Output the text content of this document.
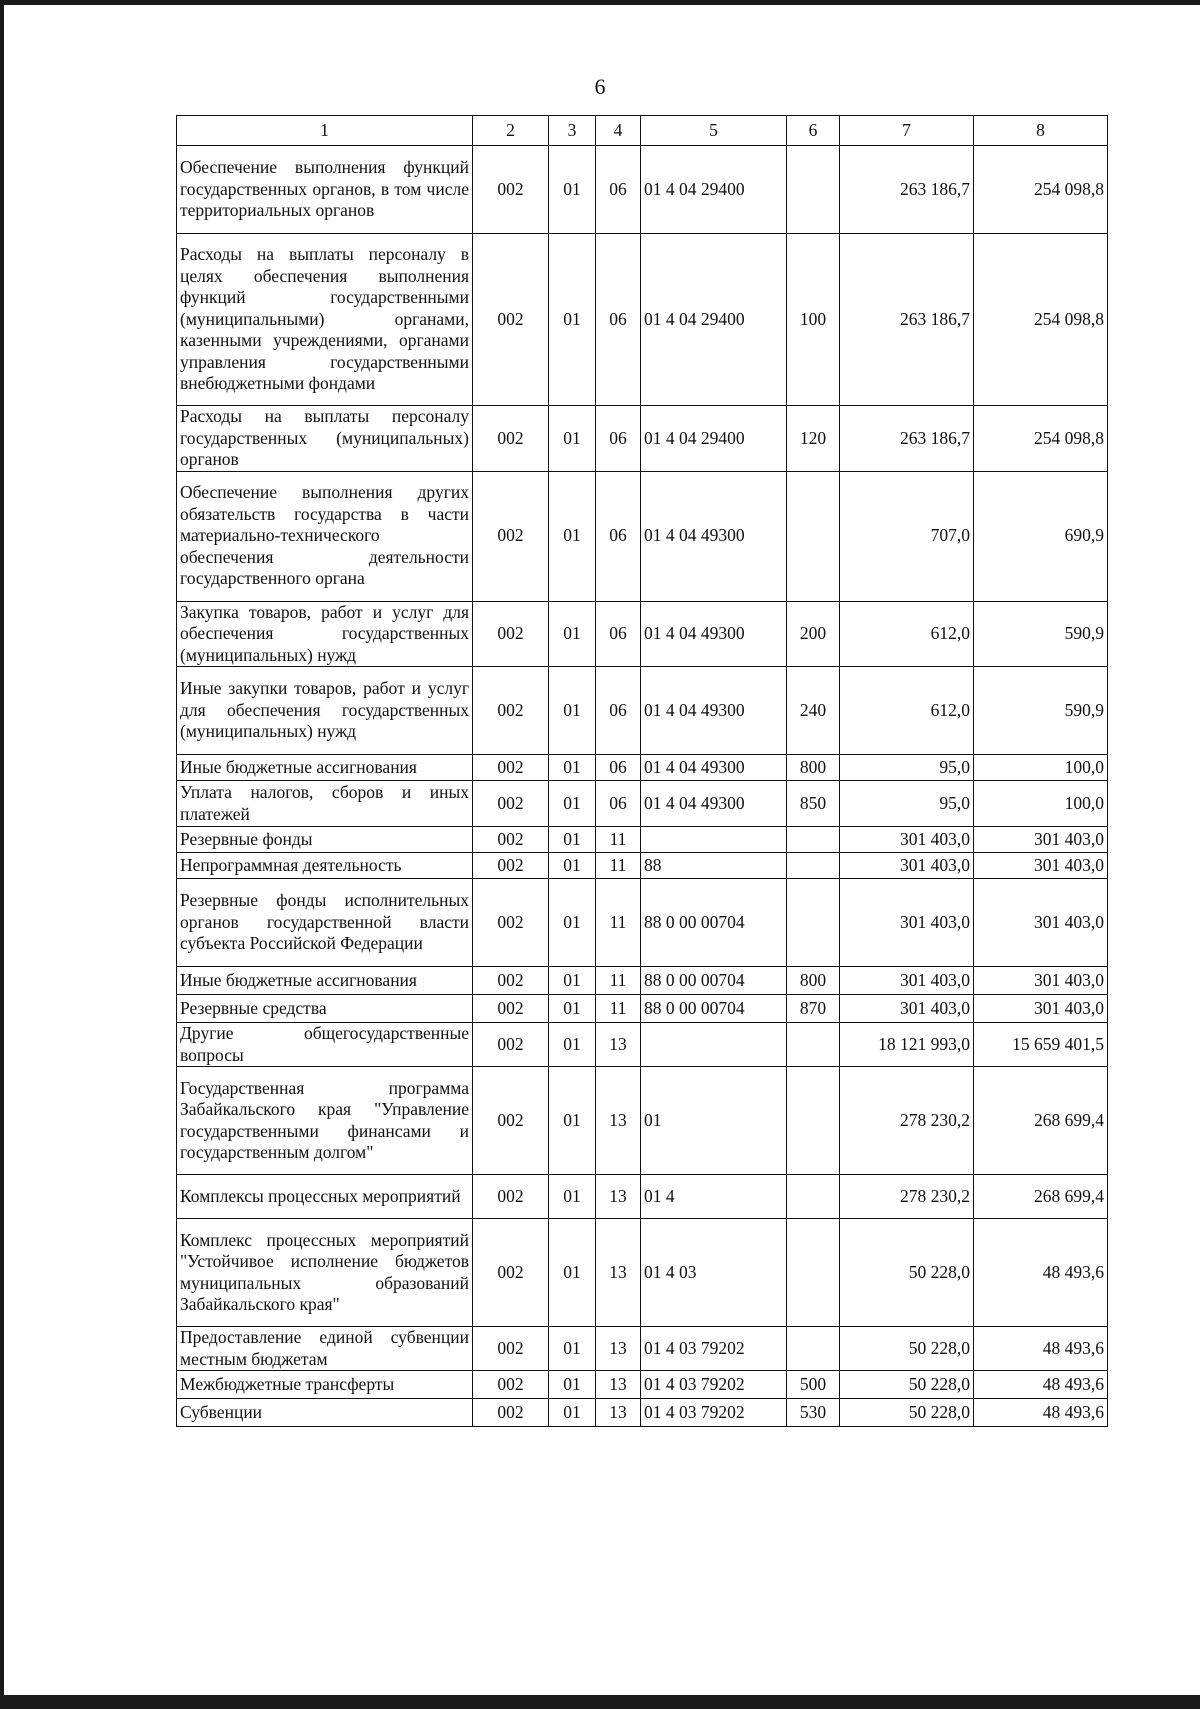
6
1	2	3	4	5	6	7	8
Обеспечение выполнения функций государственных органов, в том числе территориальных органов	002	01	06	01 4 04 29400		263 186,7	254 098,8
Расходы на выплаты персоналу в целях обеспечения выполнения функций государственными (муниципальными) органами, казенными учреждениями, органами управления государственными внебюджетными фондами	002	01	06	01 4 04 29400	100	263 186,7	254 098,8
Расходы на выплаты персоналу государственных (муниципальных) органов	002	01	06	01 4 04 29400	120	263 186,7	254 098,8
Обеспечение выполнения других обязательств государства в части материально-технического обеспечения деятельности государственного органа	002	01	06	01 4 04 49300		707,0	690,9
Закупка товаров, работ и услуг для обеспечения государственных (муниципальных) нужд	002	01	06	01 4 04 49300	200	612,0	590,9
Иные закупки товаров, работ и услуг для обеспечения государственных (муниципальных) нужд	002	01	06	01 4 04 49300	240	612,0	590,9
Иные бюджетные ассигнования	002	01	06	01 4 04 49300	800	95,0	100,0
Уплата налогов, сборов и иных платежей	002	01	06	01 4 04 49300	850	95,0	100,0
Резервные фонды	002	01	11			301 403,0	301 403,0
Непрограммная деятельность	002	01	11	88		301 403,0	301 403,0
Резервные фонды исполнительных органов государственной власти субъекта Российской Федерации	002	01	11	88 0 00 00704		301 403,0	301 403,0
Иные бюджетные ассигнования	002	01	11	88 0 00 00704	800	301 403,0	301 403,0
Резервные средства	002	01	11	88 0 00 00704	870	301 403,0	301 403,0
Другие общегосударственные вопросы	002	01	13			18 121 993,0	15 659 401,5
Государственная программа Забайкальского края "Управление государственными финансами и государственным долгом"	002	01	13	01		278 230,2	268 699,4
Комплексы процессных мероприятий	002	01	13	01 4		278 230,2	268 699,4
Комплекс процессных мероприятий "Устойчивое исполнение бюджетов муниципальных образований Забайкальского края"	002	01	13	01 4 03		50 228,0	48 493,6
Предоставление единой субвенции местным бюджетам	002	01	13	01 4 03 79202		50 228,0	48 493,6
Межбюджетные трансферты	002	01	13	01 4 03 79202	500	50 228,0	48 493,6
Субвенции	002	01	13	01 4 03 79202	530	50 228,0	48 493,6
